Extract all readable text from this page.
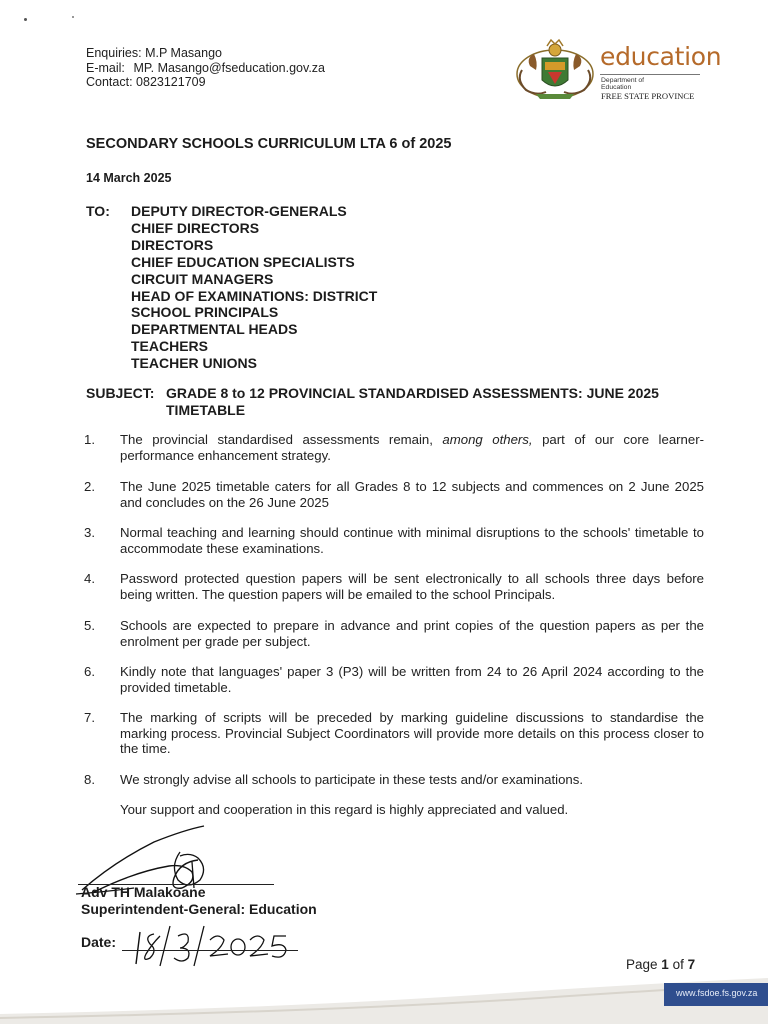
Enquiries: M.P Masango
E-mail: MP. Masango@fseducation.gov.za
Contact: 0823121709
education
Department of
Education
FREE STATE PROVINCE
SECONDARY SCHOOLS CURRICULUM LTA 6 of 2025
14 March 2025
TO: DEPUTY DIRECTOR-GENERALS
CHIEF DIRECTORS
DIRECTORS
CHIEF EDUCATION SPECIALISTS
CIRCUIT MANAGERS
HEAD OF EXAMINATIONS: DISTRICT
SCHOOL PRINCIPALS
DEPARTMENTAL HEADS
TEACHERS
TEACHER UNIONS
SUBJECT: GRADE 8 to 12 PROVINCIAL STANDARDISED ASSESSMENTS: JUNE 2025 TIMETABLE
1. The provincial standardised assessments remain, among others, part of our core learner-performance enhancement strategy.
2. The June 2025 timetable caters for all Grades 8 to 12 subjects and commences on 2 June 2025 and concludes on the 26 June 2025
3. Normal teaching and learning should continue with minimal disruptions to the schools' timetable to accommodate these examinations.
4. Password protected question papers will be sent electronically to all schools three days before being written. The question papers will be emailed to the school Principals.
5. Schools are expected to prepare in advance and print copies of the question papers as per the enrolment per grade per subject.
6. Kindly note that languages' paper 3 (P3) will be written from 24 to 26 April 2024 according to the provided timetable.
7. The marking of scripts will be preceded by marking guideline discussions to standardise the marking process. Provincial Subject Coordinators will provide more details on this process closer to the time.
8. We strongly advise all schools to participate in these tests and/or examinations.
Your support and cooperation in this regard is highly appreciated and valued.
Adv TH Malakoane
Superintendent-General: Education
Date:
Page 1 of 7
www.fsdoe.fs.gov.za
